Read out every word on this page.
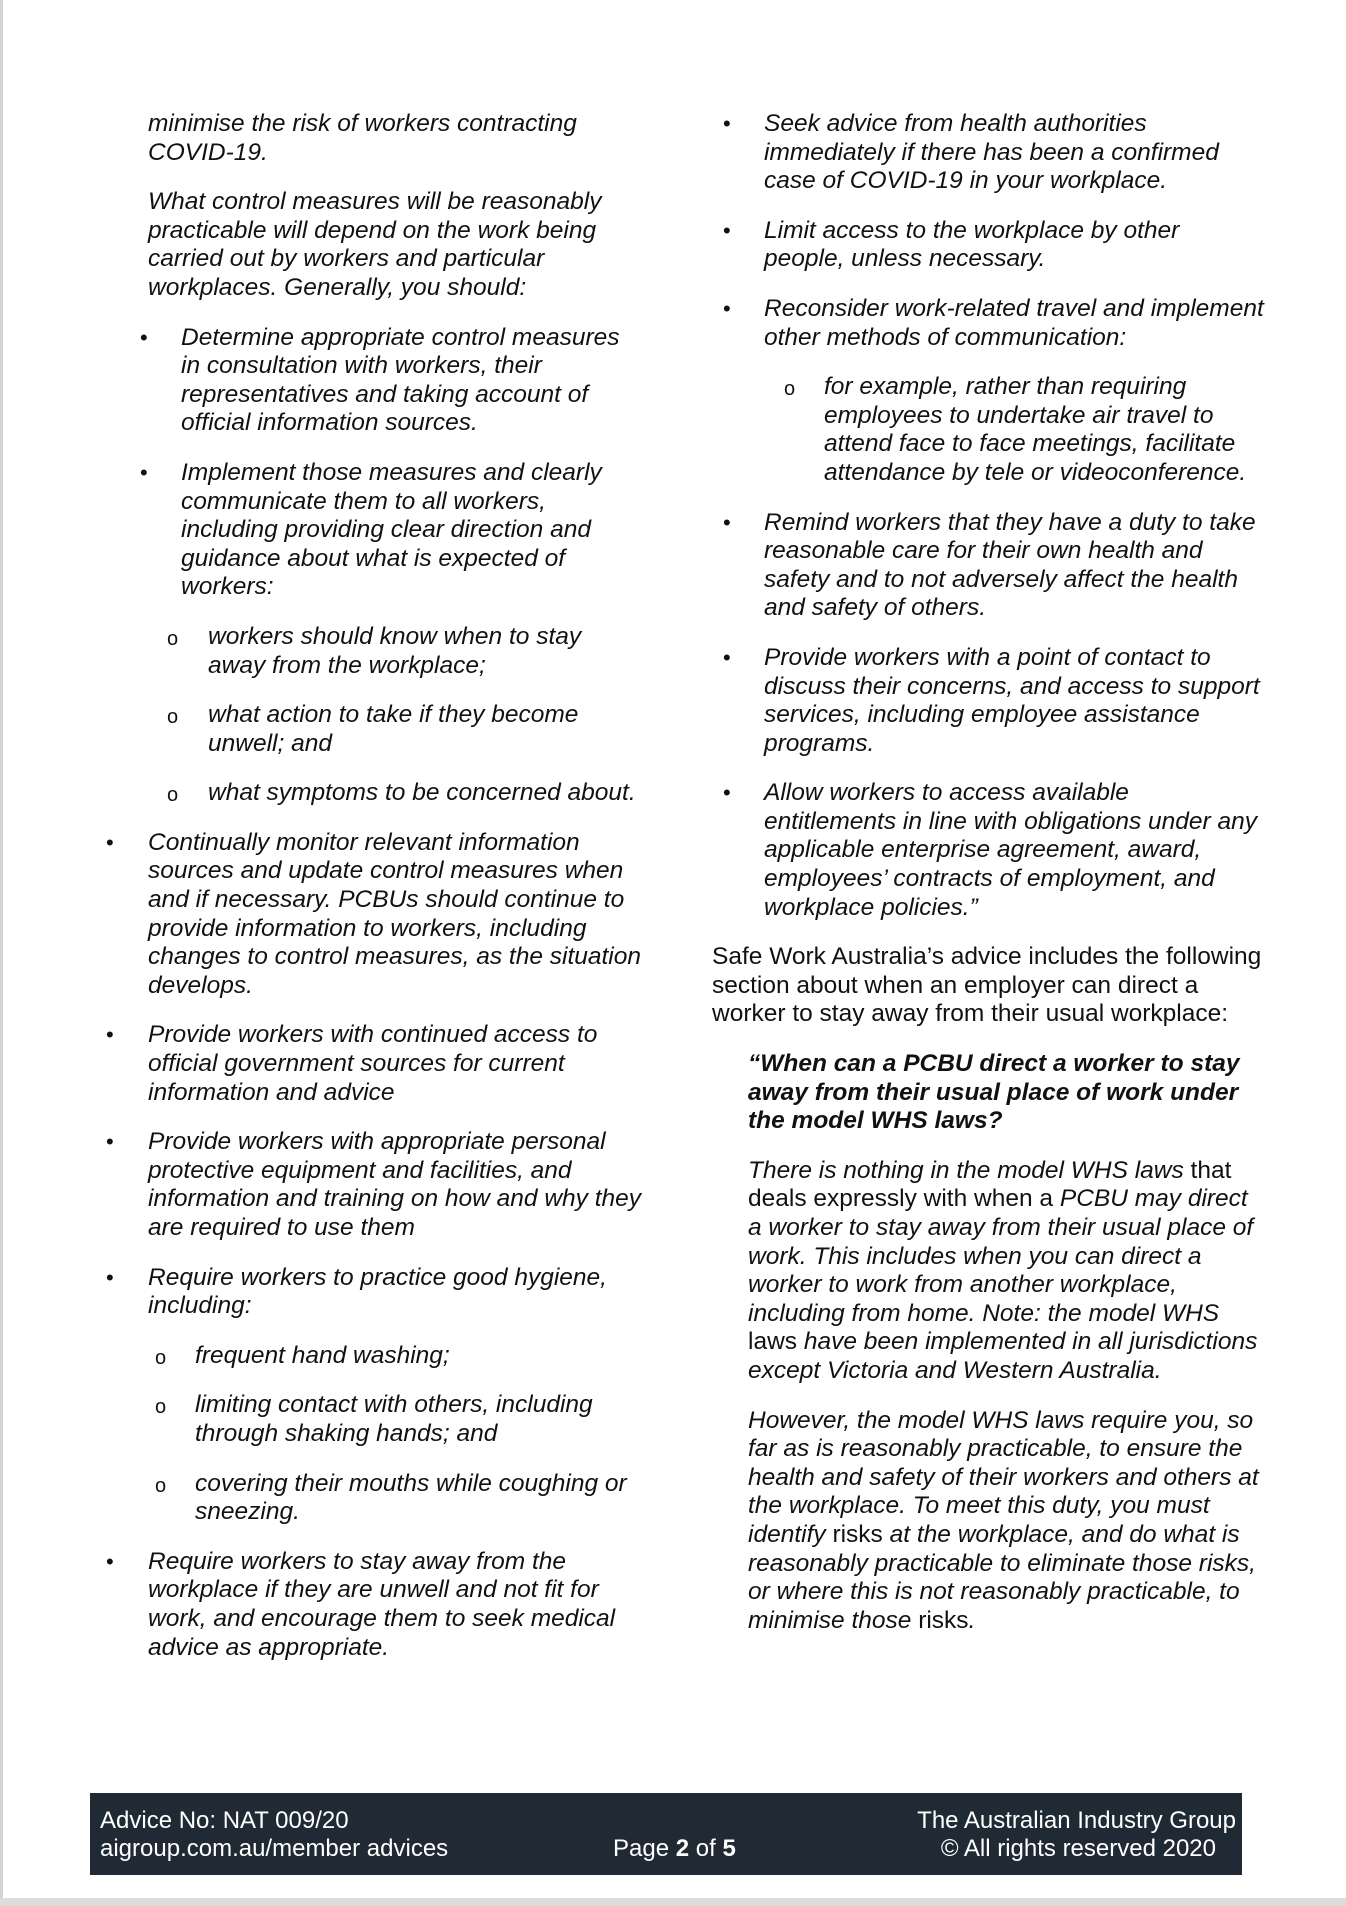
minimise the risk of workers contracting COVID-19.
What control measures will be reasonably practicable will depend on the work being carried out by workers and particular workplaces. Generally, you should:
• Determine appropriate control measures in consultation with workers, their representatives and taking account of official information sources.
• Implement those measures and clearly communicate them to all workers, including providing clear direction and guidance about what is expected of workers:
o workers should know when to stay away from the workplace;
o what action to take if they become unwell; and
o what symptoms to be concerned about.
• Continually monitor relevant information sources and update control measures when and if necessary. PCBUs should continue to provide information to workers, including changes to control measures, as the situation develops.
• Provide workers with continued access to official government sources for current information and advice
• Provide workers with appropriate personal protective equipment and facilities, and information and training on how and why they are required to use them
• Require workers to practice good hygiene, including:
o frequent hand washing;
o limiting contact with others, including through shaking hands; and
o covering their mouths while coughing or sneezing.
• Require workers to stay away from the workplace if they are unwell and not fit for work, and encourage them to seek medical advice as appropriate.
• Seek advice from health authorities immediately if there has been a confirmed case of COVID-19 in your workplace.
• Limit access to the workplace by other people, unless necessary.
• Reconsider work-related travel and implement other methods of communication:
o for example, rather than requiring employees to undertake air travel to attend face to face meetings, facilitate attendance by tele or videoconference.
• Remind workers that they have a duty to take reasonable care for their own health and safety and to not adversely affect the health and safety of others.
• Provide workers with a point of contact to discuss their concerns, and access to support services, including employee assistance programs.
• Allow workers to access available entitlements in line with obligations under any applicable enterprise agreement, award, employees’ contracts of employment, and workplace policies.”
Safe Work Australia’s advice includes the following section about when an employer can direct a worker to stay away from their usual workplace:
“When can a PCBU direct a worker to stay away from their usual place of work under the model WHS laws?
There is nothing in the model WHS laws that deals expressly with when a PCBU may direct a worker to stay away from their usual place of work. This includes when you can direct a worker to work from another workplace, including from home. Note: the model WHS laws have been implemented in all jurisdictions except Victoria and Western Australia.
However, the model WHS laws require you, so far as is reasonably practicable, to ensure the health and safety of their workers and others at the workplace. To meet this duty, you must identify risks at the workplace, and do what is reasonably practicable to eliminate those risks, or where this is not reasonably practicable, to minimise those risks.
Advice No: NAT 009/20
aigroup.com.au/member advices	Page 2 of 5
The Australian Industry Group
© All rights reserved 2020
